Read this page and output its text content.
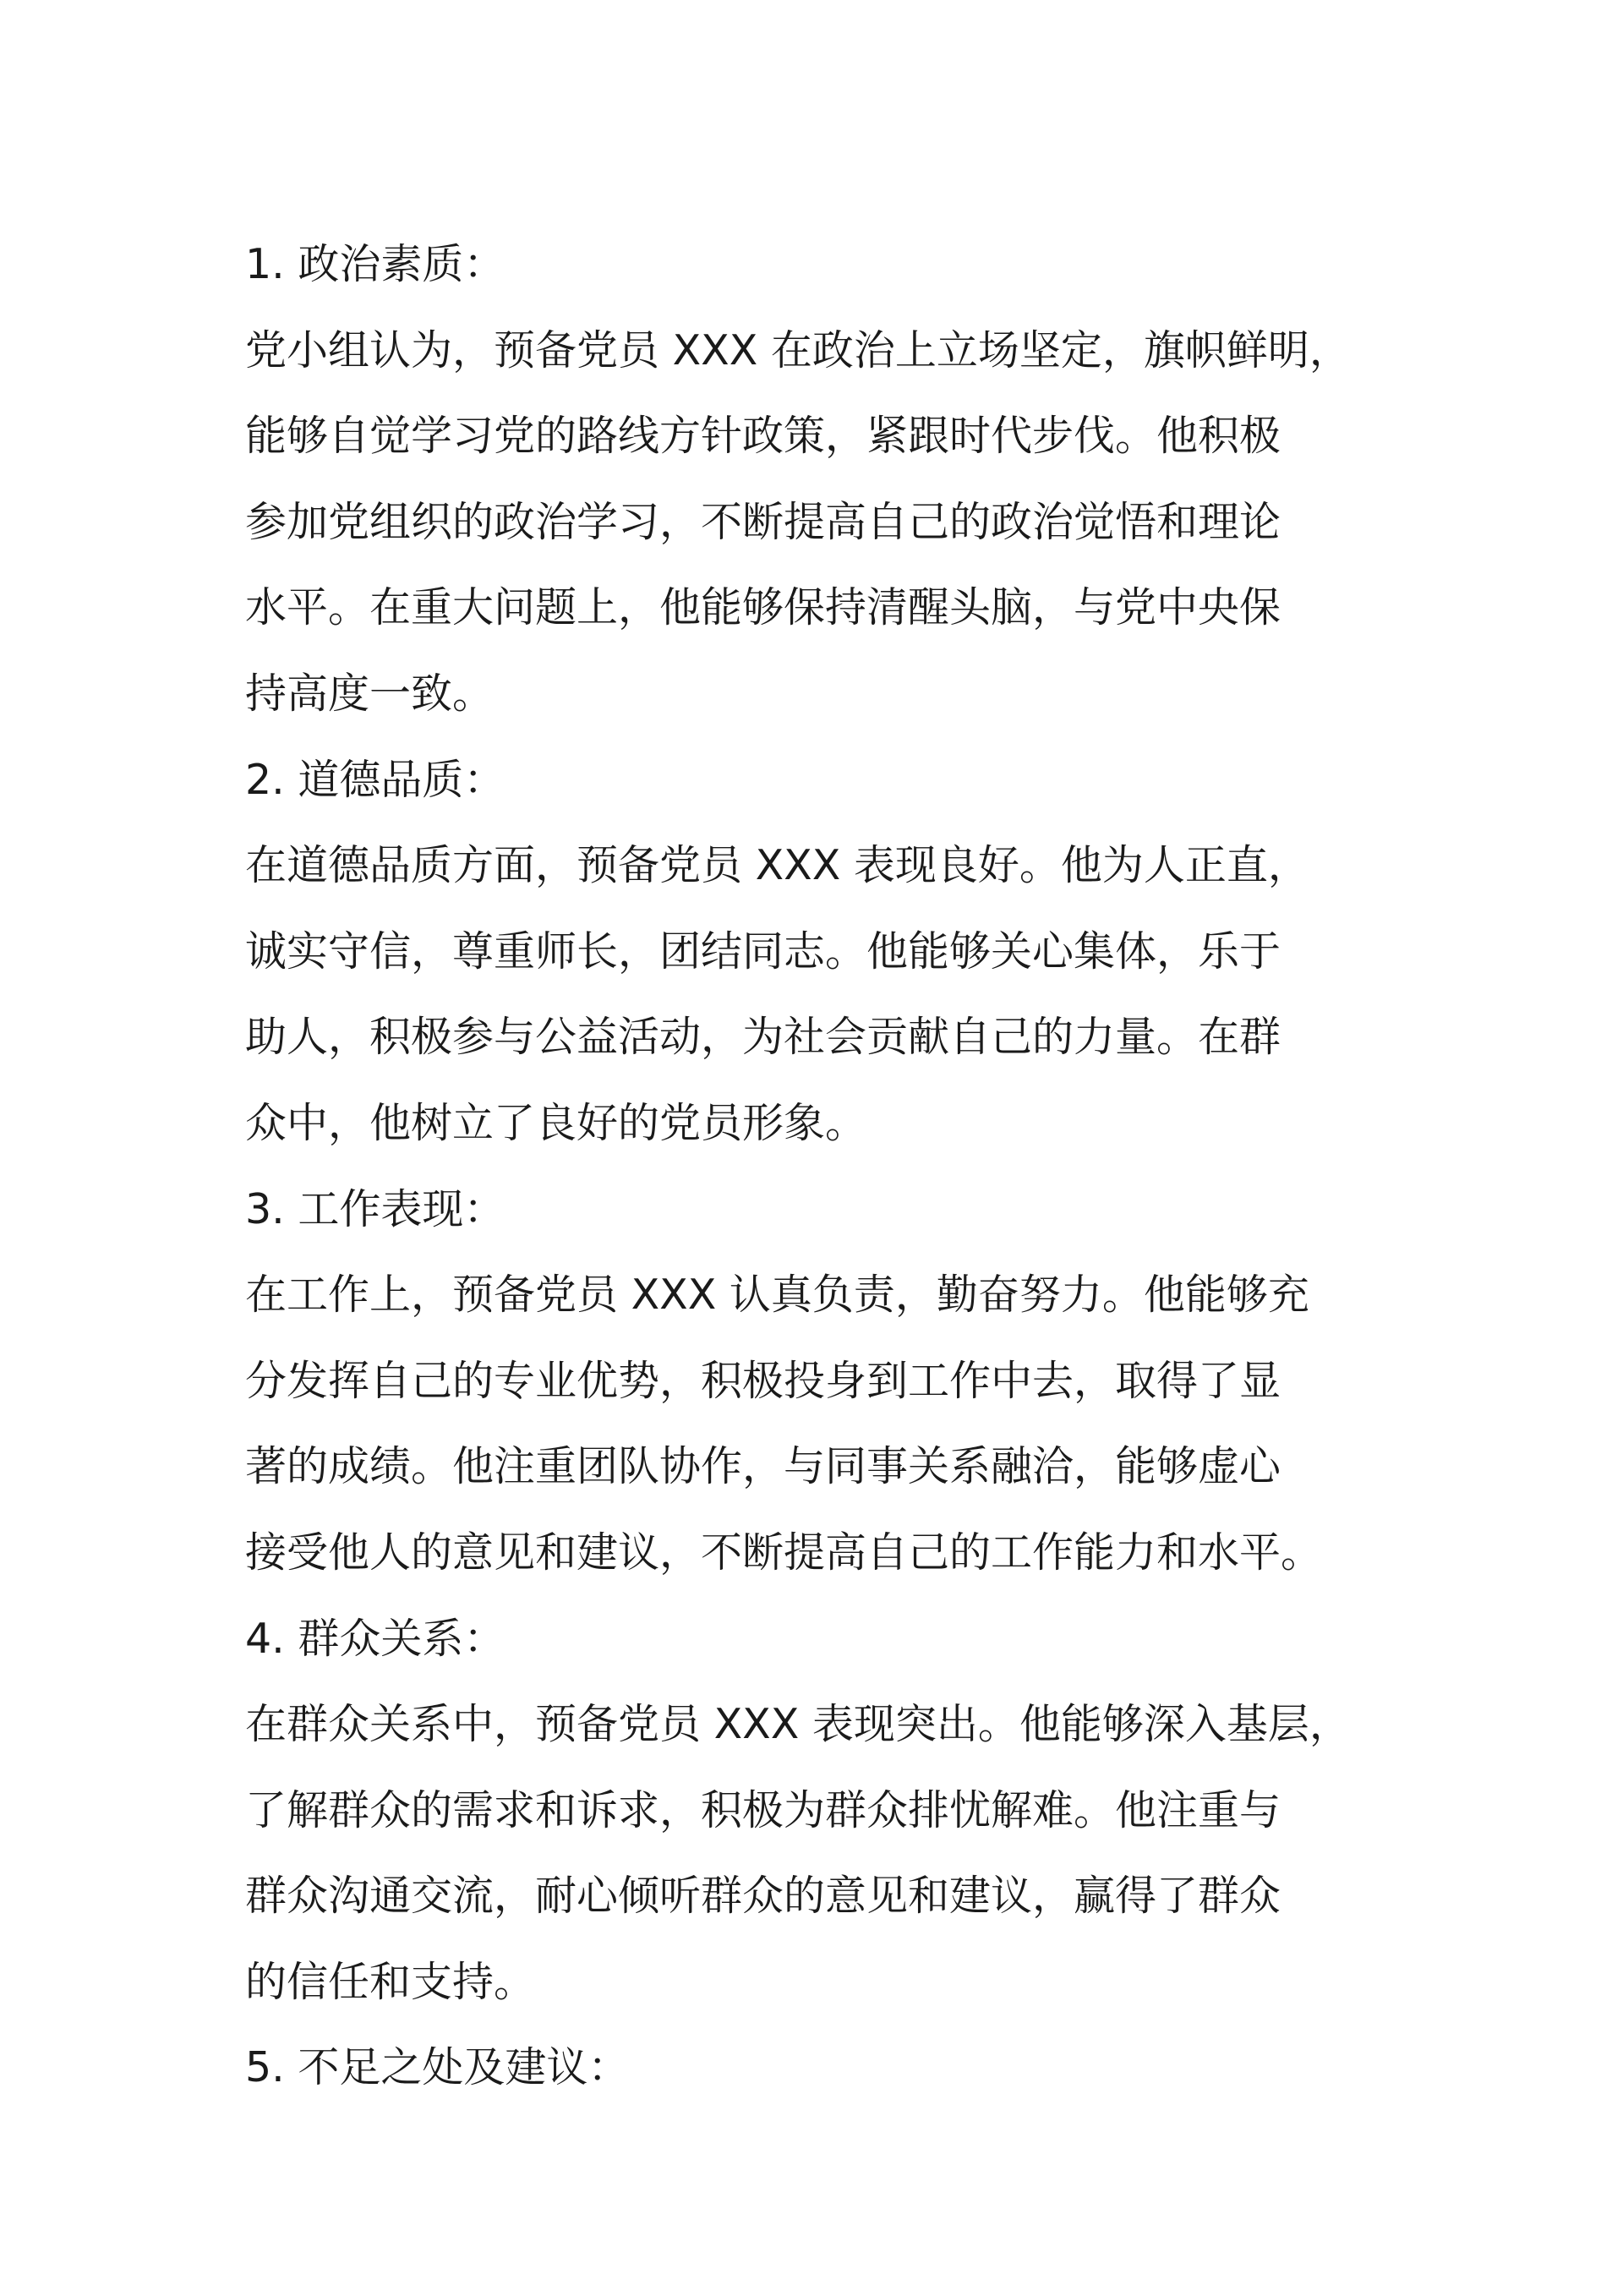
1. 政治素质：
党小组认为，预备党员 XXX 在政治上立场坚定，旗帜鲜明，
能够自觉学习党的路线方针政策，紧跟时代步伐。他积极
参加党组织的政治学习，不断提高自己的政治觉悟和理论
水平。在重大问题上，他能够保持清醒头脑，与党中央保
持高度一致。
2. 道德品质：
在道德品质方面，预备党员 XXX 表现良好。他为人正直，
诚实守信，尊重师长，团结同志。他能够关心集体，乐于
助人，积极参与公益活动，为社会贡献自己的力量。在群
众中，他树立了良好的党员形象。
3. 工作表现：
在工作上，预备党员 XXX 认真负责，勤奋努力。他能够充
分发挥自己的专业优势，积极投身到工作中去，取得了显
著的成绩。他注重团队协作，与同事关系融洽，能够虚心
接受他人的意见和建议，不断提高自己的工作能力和水平。
4. 群众关系：
在群众关系中，预备党员 XXX 表现突出。他能够深入基层，
了解群众的需求和诉求，积极为群众排忧解难。他注重与
群众沟通交流，耐心倾听群众的意见和建议，赢得了群众
的信任和支持。
5. 不足之处及建议：
